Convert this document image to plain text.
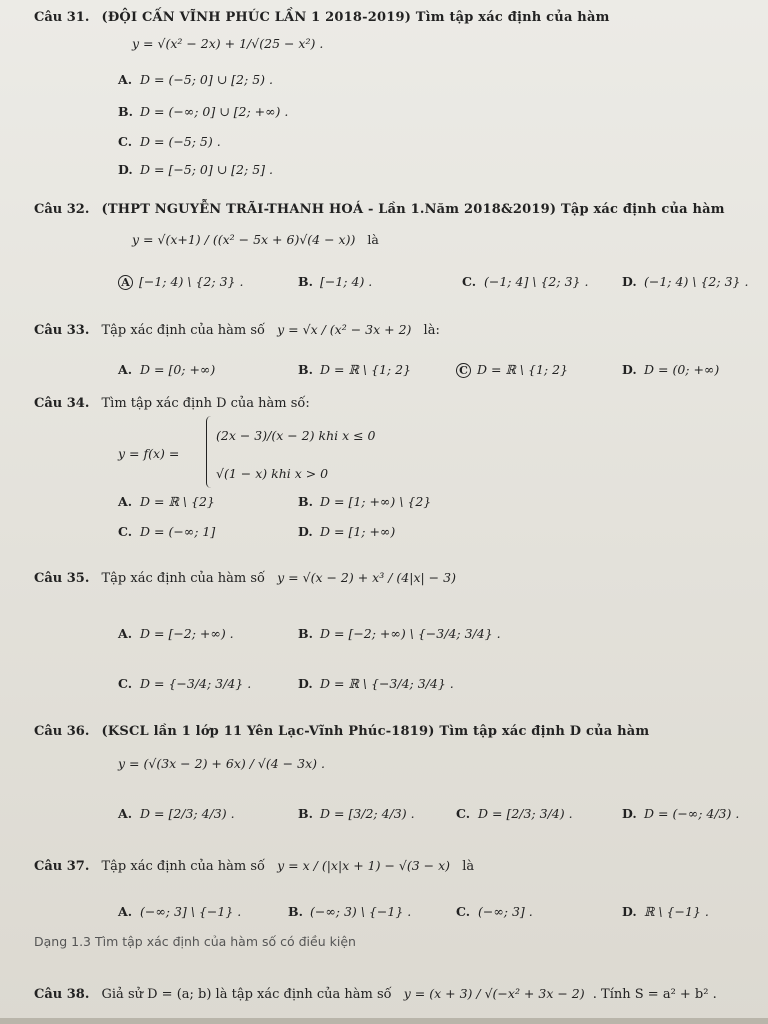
Câu 31. (ĐỘI CẤN VĨNH PHÚC LẦN 1 2018-2019) Tìm tập xác định của hàm
y = √(x² − 2x) + 1/√(25 − x²) .
A. D = (−5; 0] ∪ [2; 5) .
B. D = (−∞; 0] ∪ [2; +∞) .
C. D = (−5; 5) .
D. D = [−5; 0] ∪ [2; 5] .
Câu 32. (THPT NGUYỄN TRÃI-THANH HOÁ - Lần 1.Năm 2018&2019) Tập xác định của hàm
y = √(x+1) / ((x² − 5x + 6)√(4 − x)) là
A [−1; 4) \ {2; 3} .	B. [−1; 4) .	C. (−1; 4] \ {2; 3} .	D. (−1; 4) \ {2; 3} .
Câu 33. Tập xác định của hàm số y = √x / (x² − 3x + 2) là:
A. D = [0; +∞)	B. D = ℝ \ {1; 2}	C D = ℝ \ {1; 2}	D. D = (0; +∞)
Câu 34. Tìm tập xác định D của hàm số:
y = f(x) =
(2x − 3)/(x − 2) khi x ≤ 0
√(1 − x) khi x > 0
A. D = ℝ \ {2}	B. D = [1; +∞) \ {2}
C. D = (−∞; 1]	D. D = [1; +∞)
Câu 35. Tập xác định của hàm số y = √(x − 2) + x³ / (4|x| − 3)
A. D = [−2; +∞) .	B. D = [−2; +∞) \ {−3/4; 3/4} .
C. D = {−3/4; 3/4} .	D. D = ℝ \ {−3/4; 3/4} .
Câu 36. (KSCL lần 1 lớp 11 Yên Lạc-Vĩnh Phúc-1819) Tìm tập xác định D của hàm
y = (√(3x − 2) + 6x) / √(4 − 3x) .
A. D = [2/3; 4/3) .	B. D = [3/2; 4/3) .	C. D = [2/3; 3/4) .	D. D = (−∞; 4/3) .
Câu 37. Tập xác định của hàm số y = x / (|x|x + 1) − √(3 − x) là
A. (−∞; 3] \ {−1} .	B. (−∞; 3) \ {−1} .	C. (−∞; 3] .	D. ℝ \ {−1} .
Dạng 1.3 Tìm tập xác định của hàm số có điều kiện
Câu 38. Giả sử D = (a; b) là tập xác định của hàm số y = (x + 3) / √(−x² + 3x − 2) . Tính S = a² + b² .
